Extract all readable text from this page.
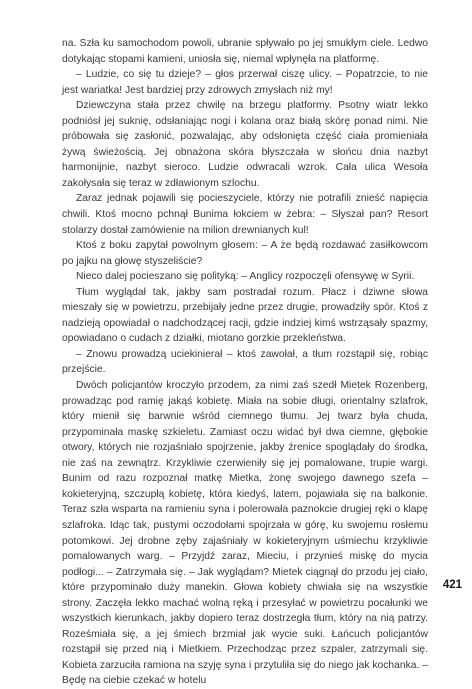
na. Szła ku samochodom powoli, ubranie spływało po jej smukłym ciele. Ledwo dotykając stopami kamieni, uniosła się, niemal wpłynęła na platformę.

– Ludzie, co się tu dzieje? – głos przerwał ciszę ulicy. – Popatrzcie, to nie jest wariatka! Jest bardziej przy zdrowych zmysłach niż my!

Dziewczyna stała przez chwilę na brzegu platformy. Psotny wiatr lekko podniósł jej suknię, odsłaniając nogi i kolana oraz białą skórę ponad nimi. Nie próbowała się zasłonić, pozwalając, aby odsłonięta część ciała promieniała żywą świeżością. Jej obnażona skóra błyszczała w słońcu dnia nazbyt harmonijnie, nazbyt sieroco. Ludzie odwracali wzrok. Cała ulica Wesoła zakołysała się teraz w zdławionym szlochu.

Zaraz jednak pojawili się pocieszyciele, którzy nie potrafili znieść napięcia chwili. Ktoś mocno pchnął Bunima łokciem w żebra: – Słyszał pan? Resort stolarzy dostał zamówienie na milion drewnianych kul!

Ktoś z boku zapytał powolnym głosem: – A że będą rozdawać zasiłkowcom po jajku na głowę styszeliście?

Nieco dalej pocieszano się polityką: – Anglicy rozpoczęli ofensywę w Syrii.

Tłum wyglądał tak, jakby sam postradał rozum. Płacz i dziwne słowa mieszały się w powietrzu, przebijały jedne przez drugie, prowadziły spór. Ktoś z nadzieją opowiadał o nadchodzącej racji, gdzie indziej kimś wstrząsały spazmy, opowiadano o cudach z działki, miotano gorzkie przekleństwa.

– Znowu prowadzą uciekinierał – ktoś zawołał, a tłum rozstąpił się, robiąc przejście.

Dwóch policjantów kroczyło przodem, za nimi zaś szedł Mietek Rozenberg, prowadząc pod ramię jakąś kobietę. Miała na sobie długi, orientalny szlafrok, który mienił się barwnie wśród ciemnego tłumu. Jej twarz była chuda, przypominała maskę szkieletu. Zamiast oczu widać był dwa ciemne, głębokie otwory, których nie rozjaśniało spojrzenie, jakby źrenice spoglądały do środka, nie zaś na zewnątrz. Krzykliwie czerwieniły się jej pomalowane, trupie wargi. Bunim od razu rozpoznał matkę Mietka, żonę swojego dawnego szefa – kokieteryjną, szczupłą kobietę, która kiedyś, latem, pojawiała się na balkonie. Teraz szła wsparta na ramieniu syna i polerowała paznokcie drugiej ręki o klapę szlafroka. Idąc tak, pustymi oczodołami spojrzała w górę, ku swojemu rosłemu potomkowi. Jej drobne zęby zajaśniały w kokieteryjnym uśmiechu krzykliwie pomalowanych warg. – Przyjdź zaraz, Mieciu, i przynieś miskę do mycia podłogi... – Zatrzymała się. – Jak wyglądam? Mietek ciągnął do przodu jej ciało, które przypominało duży manekin. Głowa kobiety chwiała się na wszystkie strony. Zaczęła lekko machać wolną ręką i przesyłać w powietrzu pocałunki we wszystkich kierunkach, jakby dopiero teraz dostrzegła tłum, który na nią patrzy. Roześmiała się, a jej śmiech brzmiał jak wycie suki. Łańcuch policjantów rozstąpił się przed nią i Mietkiem. Przechodząc przez szpaler, zatrzymali się. Kobieta zarzuciła ramiona na szyję syna i przytuliła się do niego jak kochanka. – Będę na ciebie czekać w hotelu

421
